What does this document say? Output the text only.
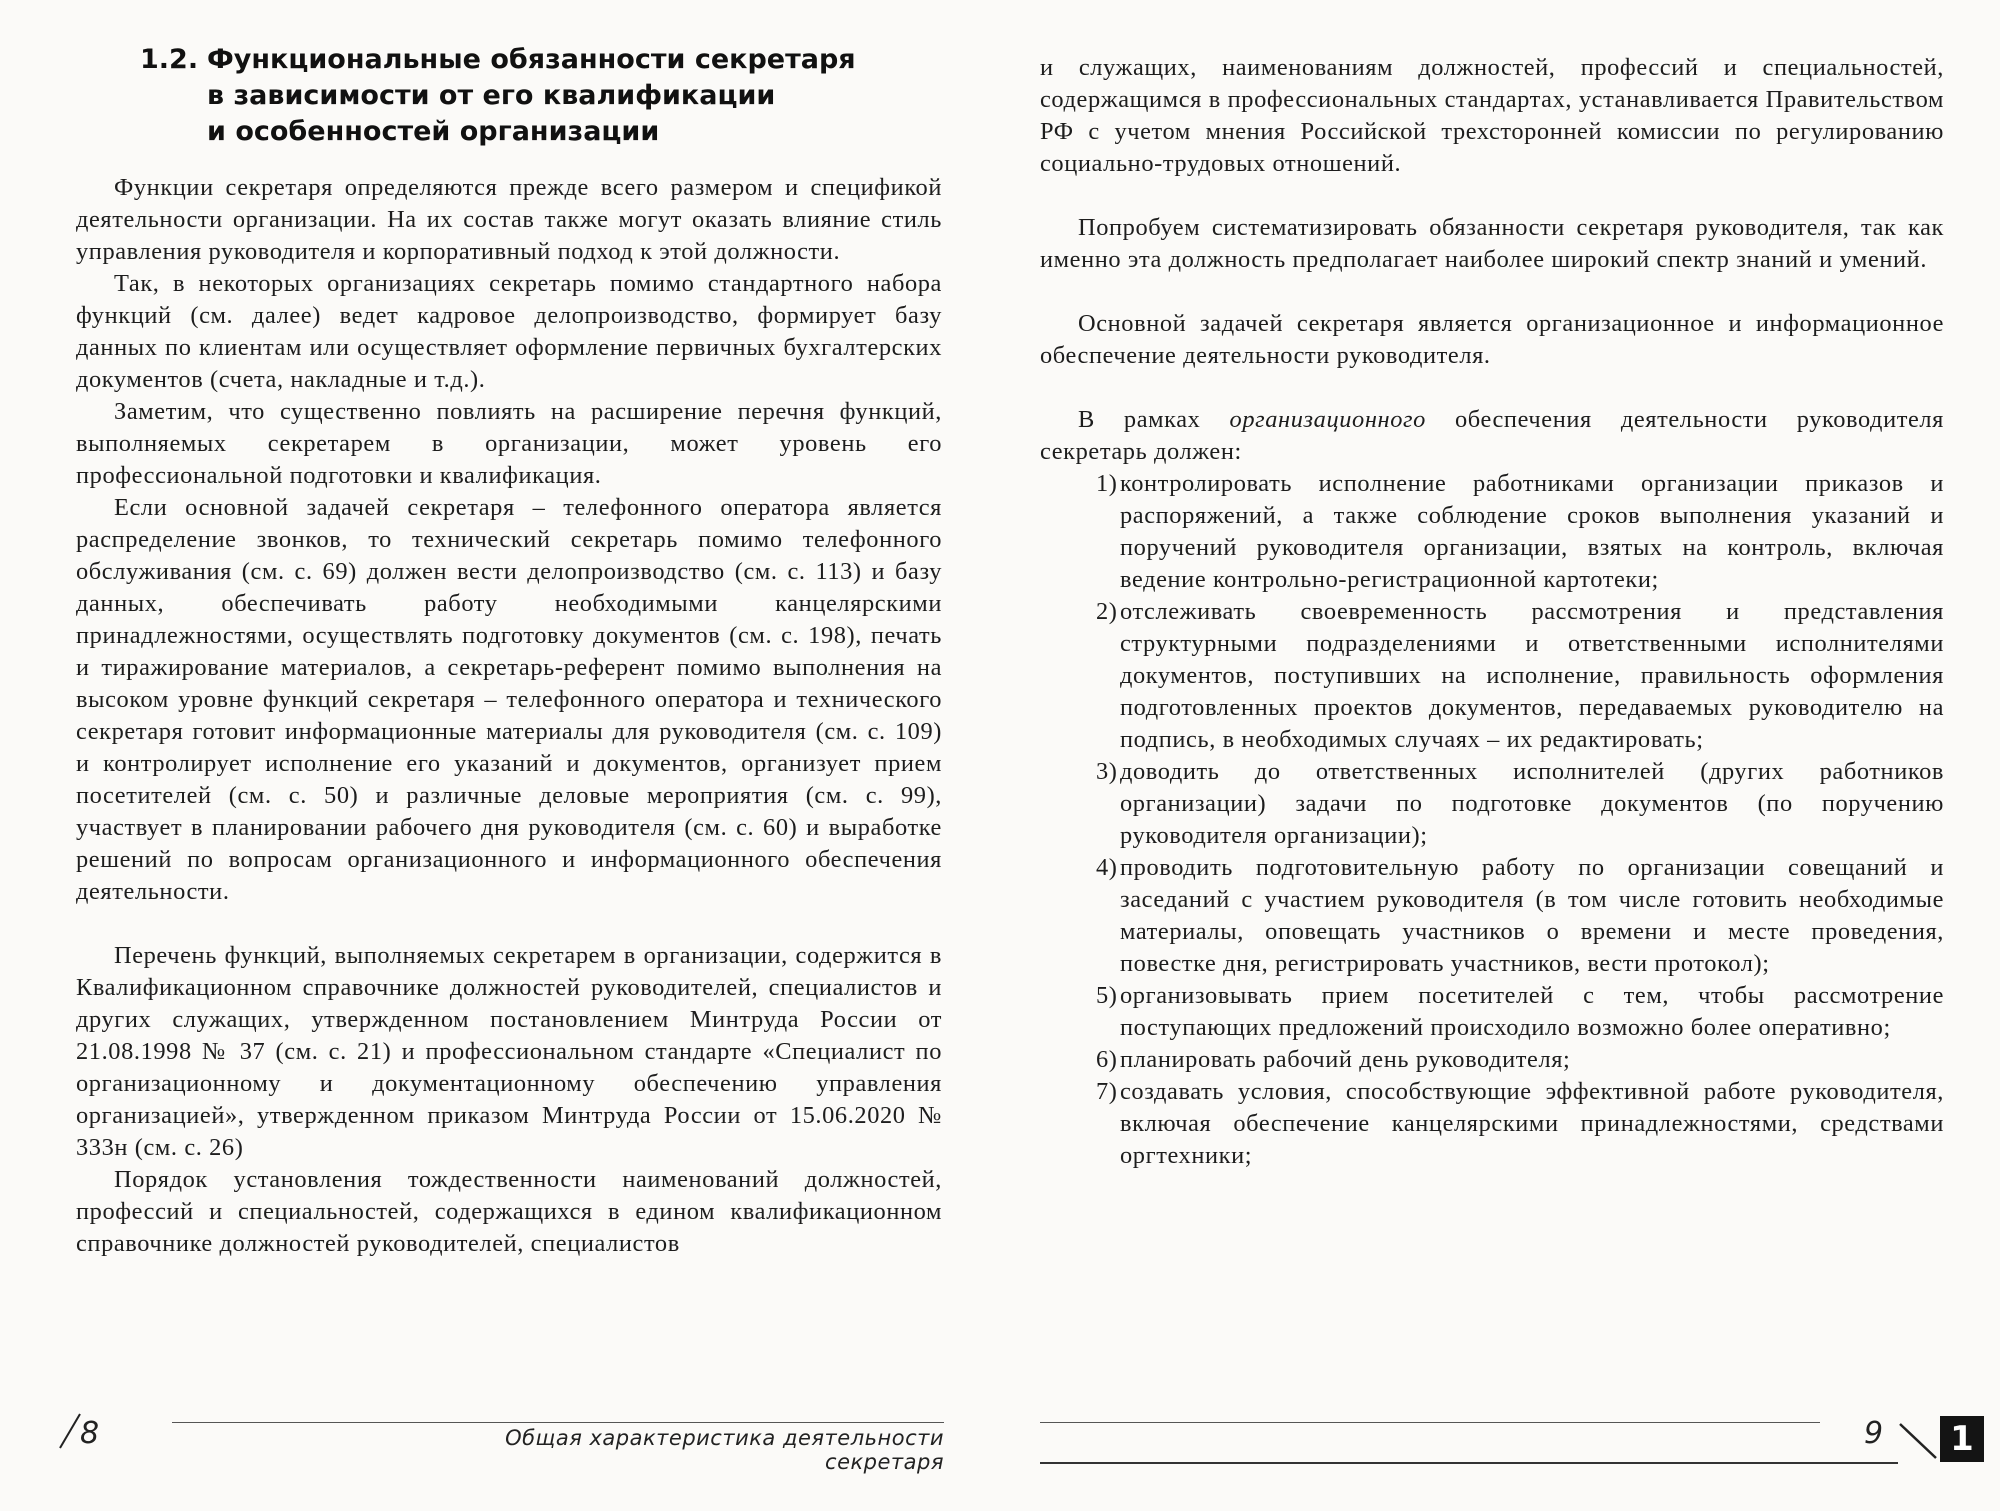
1.2. Функциональные обязанности секретаря
в зависимости от его квалификации
и особенностей организации

Функции секретаря определяются прежде всего размером и спецификой деятельности организации. На их состав также могут оказать влияние стиль управления руководителя и корпоративный подход к этой должности.

Так, в некоторых организациях секретарь помимо стандартного набора функций (см. далее) ведет кадровое делопроизводство, формирует базу данных по клиентам или осуществляет оформление первичных бухгалтерских документов (счета, накладные и т.д.).

Заметим, что существенно повлиять на расширение перечня функций, выполняемых секретарем в организации, может уровень его профессиональной подготовки и квалификация.

Если основной задачей секретаря – телефонного оператора является распределение звонков, то технический секретарь помимо телефонного обслуживания (см. с. 69) должен вести делопроизводство (см. с. 113) и базу данных, обеспечивать работу необходимыми канцелярскими принадлежностями, осуществлять подготовку документов (см. с. 198), печать и тиражирование материалов, а секретарь-референт помимо выполнения на высоком уровне функций секретаря – телефонного оператора и технического секретаря готовит информационные материалы для руководителя (см. с. 109) и контролирует исполнение его указаний и документов, организует прием посетителей (см. с. 50) и различные деловые мероприятия (см. с. 99), участвует в планировании рабочего дня руководителя (см. с. 60) и выработке решений по вопросам организационного и информационного обеспечения деятельности.

Перечень функций, выполняемых секретарем в организации, содержится в Квалификационном справочнике должностей руководителей, специалистов и других служащих, утвержденном постановлением Минтруда России от 21.08.1998 № 37 (см. с. 21) и профессиональном стандарте «Специалист по организационному и документационному обеспечению управления организацией», утвержденном приказом Минтруда России от 15.06.2020 № 333н (см. с. 26)

Порядок установления тождественности наименований должностей, профессий и специальностей, содержащихся в едином квалификационном справочнике должностей руководителей, специалистов

8	Общая характеристика деятельности секретаря

и служащих, наименованиям должностей, профессий и специальностей, содержащимся в профессиональных стандартах, устанавливается Правительством РФ с учетом мнения Российской трехсторонней комиссии по регулированию социально-трудовых отношений.

Попробуем систематизировать обязанности секретаря руководителя, так как именно эта должность предполагает наиболее широкий спектр знаний и умений.

Основной задачей секретаря является организационное и информационное обеспечение деятельности руководителя.

В рамках организационного обеспечения деятельности руководителя секретарь должен:

1) контролировать исполнение работниками организации приказов и распоряжений, а также соблюдение сроков выполнения указаний и поручений руководителя организации, взятых на контроль, включая ведение контрольно-регистрационной картотеки;
2) отслеживать своевременность рассмотрения и представления структурными подразделениями и ответственными исполнителями документов, поступивших на исполнение, правильность оформления подготовленных проектов документов, передаваемых руководителю на подпись, в необходимых случаях – их редактировать;
3) доводить до ответственных исполнителей (других работников организации) задачи по подготовке документов (по поручению руководителя организации);
4) проводить подготовительную работу по организации совещаний и заседаний с участием руководителя (в том числе готовить необходимые материалы, оповещать участников о времени и месте проведения, повестке дня, регистрировать участников, вести протокол);
5) организовывать прием посетителей с тем, чтобы рассмотрение поступающих предложений происходило возможно более оперативно;
6) планировать рабочий день руководителя;
7) создавать условия, способствующие эффективной работе руководителя, включая обеспечение канцелярскими принадлежностями, средствами оргтехники;
9 1
